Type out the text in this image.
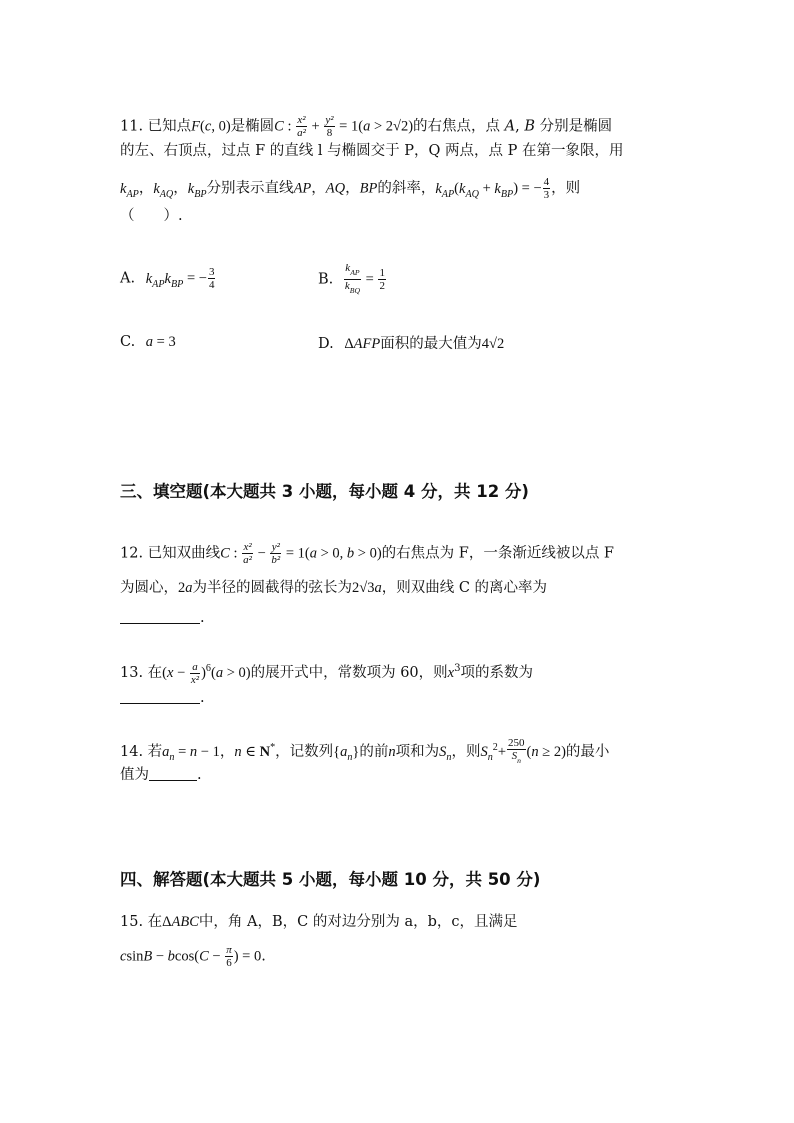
11. 已知点F(c, 0)是椭圆C : $\frac{\text{x²}}{\text{a²}} + \frac{\text{y²}}{8} = 1(a > 2√2)$的右焦点，点 A, B 分别是椭圆
的左、右顶点，过点 F 的直线 l 与椭圆交于 P，Q 两点，点 P 在第一象限，用
$k_{AP}$，$k_{AQ}$，$k_{BP}$分别表示直线AP，AQ，BP的斜率，$k_{AP}(k_{AQ} + k_{BP})$ = − $\frac{4}{3}$ ，则
（　　）.
A. $k_{AP}k_{BP}$ = − $\frac{3}{4}$	B. $\frac{k_{AP}}{k_{BQ}} = \frac{1}{2}$
C. a = 3	D. ΔAFP面积的最大值为4√2
三、填空题(本大题共 3 小题，每小题 4 分，共 12 分)
12. 已知双曲线C : $\frac{\text{x²}}{\text{a²}} - \frac{\text{y²}}{\text{b²}} = 1(a > 0$, b > 0)的右焦点为 F，一条渐近线被以点 F
为圆心，2a为半径的圆截得的弦长为2√3a，则双曲线 C 的离心率为
.
13. 在$(x - \frac{a}{\text{x²}} )^6(a > 0)$的展开式中，常数项为 60，则$x^3$项的系数为
.
14. 若$a_n = n - 1$，n ∈ N*，记数列$\{a_n\}$的前n项和为$S_n$，则$S_n^2+ \frac{250}{S_n} (n \ge 2)$的最小
值为	.
四、解答题(本大题共 5 小题，每小题 10 分，共 50 分)
15. 在ΔABC中，角 A，B，C 的对边分别为 a，b，c，且满足
$csinB - bcos(C - \frac{\pi}{6}$ ) = 0.
